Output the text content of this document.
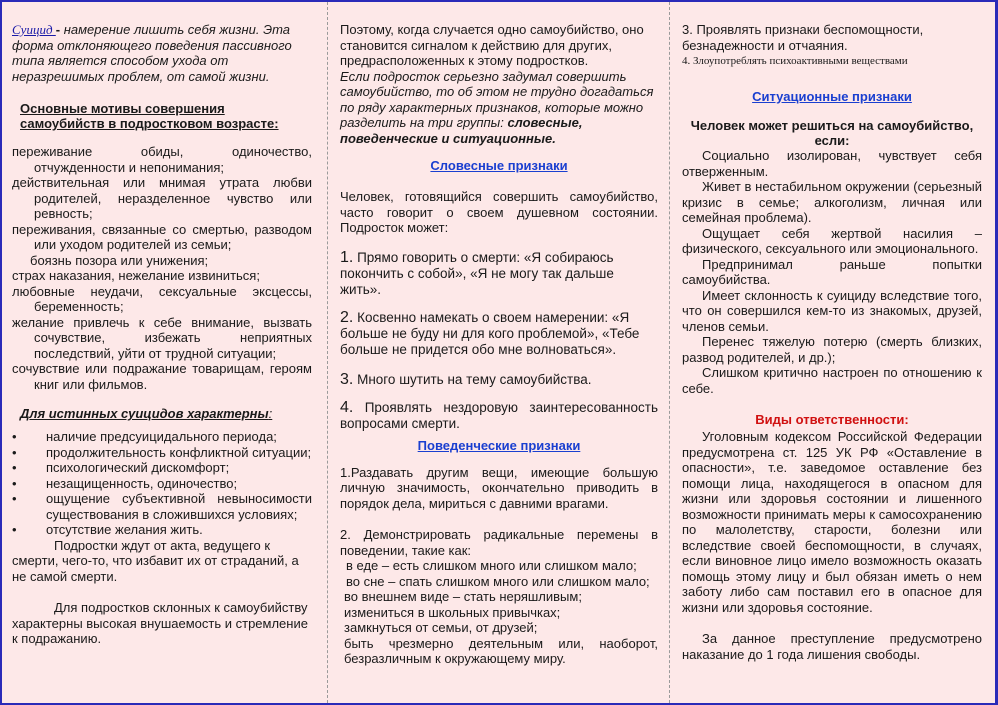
Суицид - намерение лишить себя жизни. Эта форма отклоняющего поведения пассивного типа является способом ухода от неразрешимых проблем, от самой жизни.

Основные мотивы совершения самоубийств в подростковом возрасте:

переживание обиды, одиночество, отчужденности и непонимания;

действительная или мнимая утрата любви родителей, неразделенное чувство или ревность;

переживания, связанные со смертью, разводом или уходом родителей из семьи;

боязнь позора или унижения;

страх наказания, нежелание извиниться;

любовные неудачи, сексуальные эксцессы, беременность;

желание привлечь к себе внимание, вызвать сочувствие, избежать неприятных последствий, уйти от трудной ситуации;

сочувствие или подражание товарищам, героям книг или фильмов.

Для истинных суицидов характерны:

• наличие предсуицидального периода;
• продолжительность конфликтной ситуации;
• психологический дискомфорт;
• незащищенность, одиночество;
• ощущение субъективной невыносимости существования в сложившихся условиях;
• отсутствие желания жить.

Подростки ждут от акта, ведущего к смерти, чего-то, что избавит их от страданий, а не самой смерти.

Для подростков склонных к самоубийству характерны высокая внушаемость и стремление к подражанию.

Поэтому, когда случается одно самоубийство, оно становится сигналом к действию для других, предрасположенных к этому подростков.

Если подросток серьезно задумал совершить самоубийство, то об этом не трудно догадаться по ряду характерных признаков, которые можно разделить на три группы: словесные, поведенческие и ситуационные.

Словесные признаки

Человек, готовящийся совершить самоубийство, часто говорит о своем душевном состоянии. Подросток может:

1. Прямо говорить о смерти: «Я собираюсь покончить с собой», «Я не могу так дальше жить».

2. Косвенно намекать о своем намерении: «Я больше не буду ни для кого проблемой», «Тебе больше не придется обо мне волноваться».

3. Много шутить на тему самоубийства.

4. Проявлять нездоровую заинтересованность вопросами смерти.

Поведенческие признаки

1.Раздавать другим вещи, имеющие большую личную значимость, окончательно приводить в порядок дела, мириться с давними врагами.

2. Демонстрировать радикальные перемены в поведении, такие как:

в еде – есть слишком много или слишком мало;

во сне – спать слишком много или слишком мало;

во внешнем виде – стать неряшливым;

измениться в школьных привычках;

замкнуться от семьи, от друзей;

быть чрезмерно деятельным или, наоборот, безразличным к окружающему миру.

3. Проявлять признаки беспомощности, безнадежности и отчаяния.

4. Злоупотреблять психоактивными веществами

Ситуационные признаки

Человек может решиться на самоубийство, если:

Социально изолирован, чувствует себя отверженным.

Живет в нестабильном окружении (серьезный кризис в семье; алкоголизм, личная или семейная проблема).

Ощущает себя жертвой насилия – физического, сексуального или эмоционального.

Предпринимал раньше попытки самоубийства.

Имеет склонность к суициду вследствие того, что он совершился кем-то из знакомых, друзей, членов семьи.

Перенес тяжелую потерю (смерть близких, развод родителей, и др.);

Слишком критично настроен по отношению к себе.

Виды ответственности:

Уголовным кодексом Российской Федерации предусмотрена ст. 125 УК РФ «Оставление в опасности», т.е. заведомое оставление без помощи лица, находящегося в опасном для жизни или здоровья состоянии и лишенного возможности принимать меры к самосохранению по малолетству, старости, болезни или вследствие своей беспомощности, в случаях, если виновное лицо имело возможность оказать помощь этому лицу и был обязан иметь о нем заботу либо сам поставил его в опасное для жизни или здоровья состояние.

За данное преступление предусмотрено наказание до 1 года лишения свободы.
